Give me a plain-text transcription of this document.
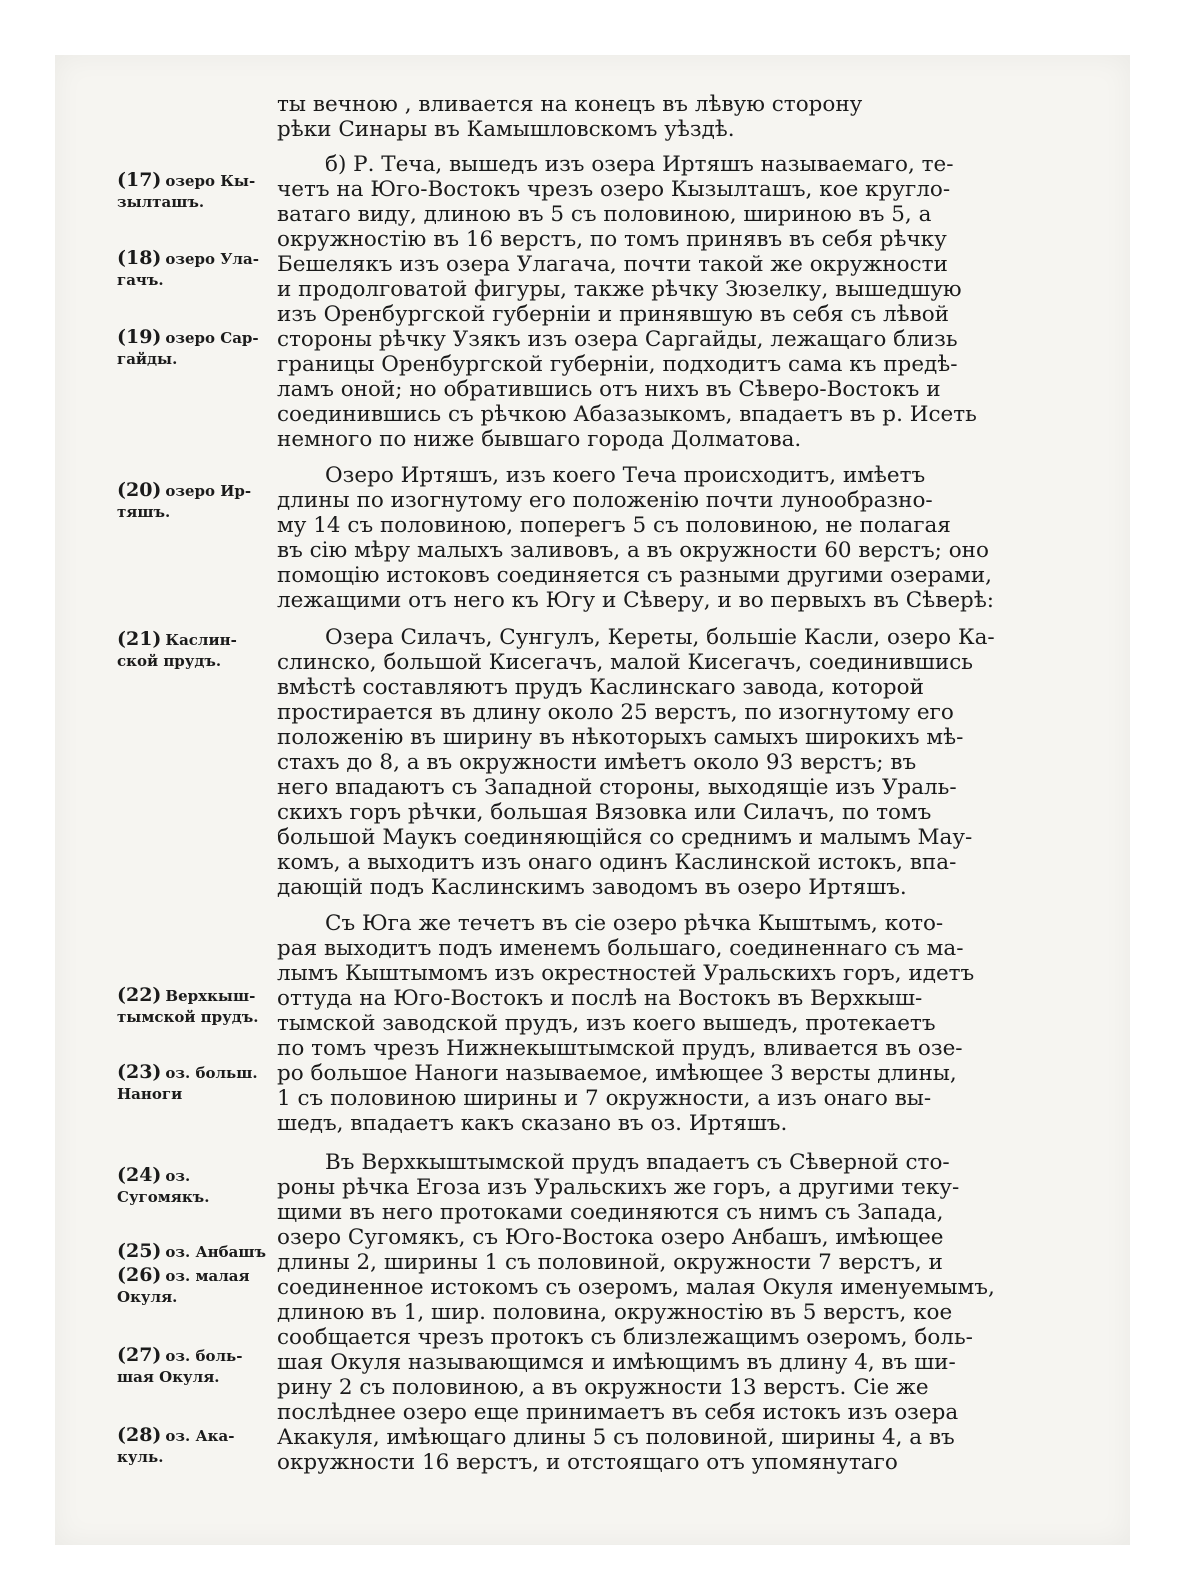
ты вечною , вливается на конецъ въ лѣвую сторону
рѣки Синары въ Камышловскомъ уѣздѣ.
(17) озеро Кы-зылташъ.
(18) озеро Ула-гачъ.
(19) озеро Сар-гайды.
б) Р. Теча, вышедъ изъ озера Иртяшъ называемаго, те-
четъ на Юго-Востокъ чрезъ озеро Кызылташъ, кое кругло-
ватаго виду, длиною въ 5 съ половиною, шириною въ 5, а
окружностiю въ 16 верстъ, по томъ принявъ въ себя рѣчку
Бешелякъ изъ озера Улагача, почти такой же окружности
и продолговатой фигуры, также рѣчку Зюзелку, вышедшую
изъ Оренбургской губернiи и принявшую въ себя съ лѣвой
стороны рѣчку Узякъ изъ озера Саргайды, лежащаго близь
границы Оренбургской губернiи, подходитъ сама къ предѣ-
ламъ оной; но обратившись отъ нихъ въ Сѣверо-Востокъ и
соединившись съ рѣчкою Абазазыкомъ, впадаетъ въ р. Исеть
немного по ниже бывшаго города Долматова.
(20) озеро Ир-тяшъ.
Озеро Иртяшъ, изъ коего Теча происходитъ, имѣетъ
длины по изогнутому его положенiю почти лунообразно-
му 14 съ половиною, поперегъ 5 съ половиною, не полагая
въ сiю мѣру малыхъ заливовъ, а въ окружности 60 верстъ; оно
помощiю истоковъ соединяется съ разными другими озерами,
лежащими отъ него къ Югу и Сѣверу, и во первыхъ въ Сѣверѣ:
(21) Каслин-ской прудъ.
Озера Силачъ, Сунгулъ, Кереты, большiе Касли, озеро Ка-
слинско, большой Кисегачъ, малой Кисегачъ, соединившись
вмѣстѣ составляютъ прудъ Каслинскаго завода, которой
простирается въ длину около 25 верстъ, по изогнутому его
положенiю въ ширину въ нѣкоторыхъ самыхъ широкихъ мѣ-
стахъ до 8, а въ окружности имѣетъ около 93 верстъ; въ
него впадаютъ съ Западной стороны, выходящiе изъ Ураль-
скихъ горъ рѣчки, большая Вязовка или Силачъ, по томъ
большой Маукъ соединяющiйся со среднимъ и малымъ Мау-
комъ, а выходитъ изъ онаго одинъ Каслинской истокъ, впа-
дающiй подъ Каслинскимъ заводомъ въ озеро Иртяшъ.
(22) Верхкыш-тымской прудъ.
(23) оз. больш. Наноги
Съ Юга же течетъ въ сiе озеро рѣчка Кыштымъ, кото-
рая выходитъ подъ именемъ большаго, соединеннаго съ ма-
лымъ Кыштымомъ изъ окрестностей Уральскихъ горъ, идетъ
оттуда на Юго-Востокъ и послѣ на Востокъ въ Верхкыш-
тымской заводской прудъ, изъ коего вышедъ, протекаетъ
по томъ чрезъ Нижнекыштымской прудъ, вливается въ озе-
ро большое Наноги называемое, имѣющее 3 версты длины,
1 съ половиною ширины и 7 окружности, а изъ онаго вы-
шедъ, впадаетъ какъ сказано въ оз. Иртяшъ.
(24) оз. Сугомякъ.
(25) оз. Анбашъ
(26) оз. малая Окуля.
(27) оз. боль-шая Окуля.
(28) оз. Ака-куль.
Въ Верхкыштымской прудъ впадаетъ съ Сѣверной сто-
роны рѣчка Егоза изъ Уральскихъ же горъ, а другими теку-
щими въ него протоками соединяются съ нимъ съ Запада,
озеро Сугомякъ, съ Юго-Востока озеро Анбашъ, имѣющее
длины 2, ширины 1 съ половиной, окружности 7 верстъ, и
соединенное истокомъ съ озеромъ, малая Окуля именуемымъ,
длиною въ 1, шир. половина, окружностiю въ 5 верстъ, кое
сообщается чрезъ протокъ съ близлежащимъ озеромъ, боль-
шая Окуля называющимся и имѣющимъ въ длину 4, въ ши-
рину 2 съ половиною, а въ окружности 13 верстъ. Сiе же
послѣднее озеро еще принимаетъ въ себя истокъ изъ озера
Акакуля, имѣющаго длины 5 съ половиной, ширины 4, а въ
окружности 16 верстъ, и отстоящаго отъ упомянутаго
